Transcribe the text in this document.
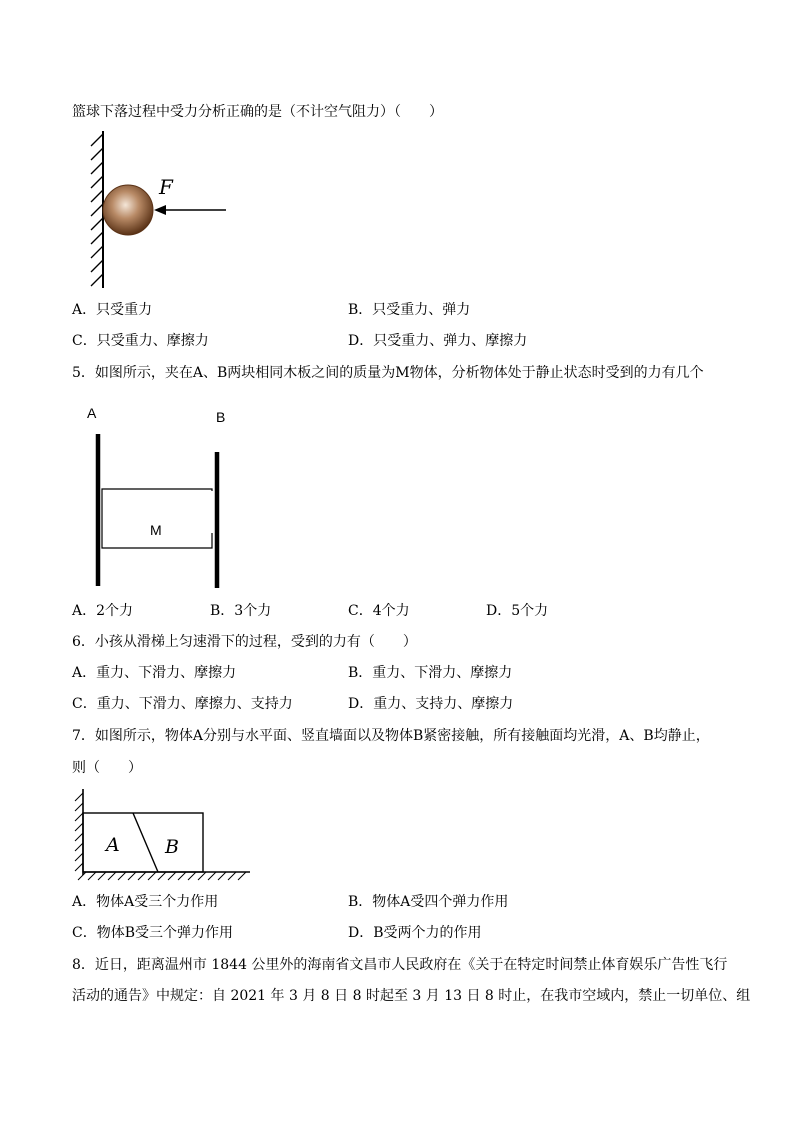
篮球下落过程中受力分析正确的是（不计空气阻力）（　　）
F
A．只受重力	B．只受重力、弹力
C．只受重力、摩擦力	D．只受重力、弹力、摩擦力
5．如图所示，夹在A、B两块相同木板之间的质量为M物体，分析物体处于静止状态时受到的力有几个
A	B
M
A．2个力	B．3个力	C．4个力	D．5个力
6．小孩从滑梯上匀速滑下的过程，受到的力有（　　）
A．重力、下滑力、摩擦力	B．重力、下滑力、摩擦力
C．重力、下滑力、摩擦力、支持力	D．重力、支持力、摩擦力
7．如图所示，物体A分别与水平面、竖直墙面以及物体B紧密接触，所有接触面均光滑，A、B均静止，
则（　　）
A B
A．物体A受三个力作用	B．物体A受四个弹力作用
C．物体B受三个弹力作用	D．B受两个力的作用
8．近日，距离温州市 1844 公里外的海南省文昌市人民政府在《关于在特定时间禁止体育娱乐广告性飞行
活动的通告》中规定：自 2021 年 3 月 8 日 8 时起至 3 月 13 日 8 时止，在我市空域内，禁止一切单位、组
